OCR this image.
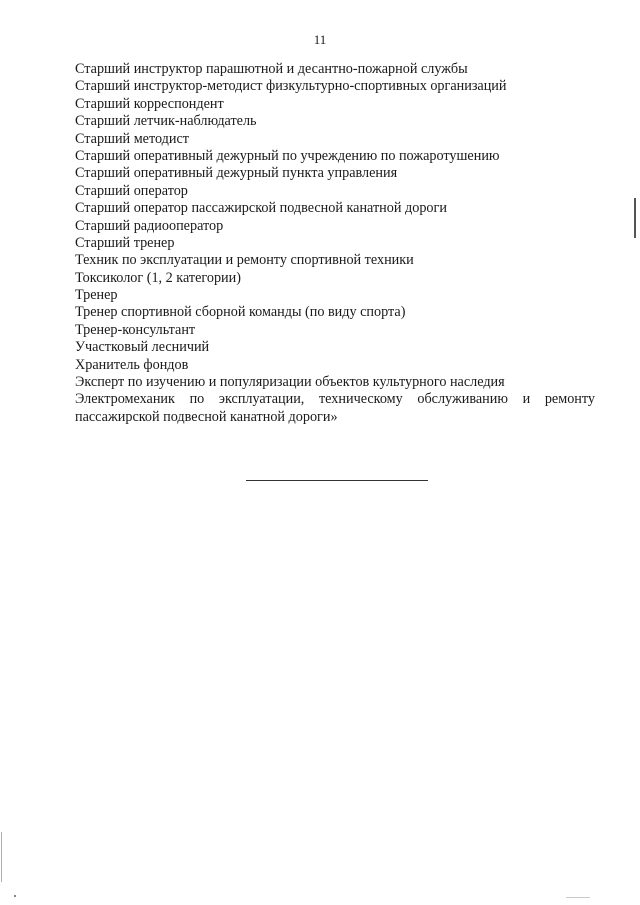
11
Старший инструктор парашютной и десантно-пожарной службы
Старший инструктор-методист физкультурно-спортивных организаций
Старший корреспондент
Старший летчик-наблюдатель
Старший методист
Старший оперативный дежурный по учреждению по пожаротушению
Старший оперативный дежурный пункта управления
Старший оператор
Старший оператор пассажирской подвесной канатной дороги
Старший радиооператор
Старший тренер
Техник по эксплуатации и ремонту спортивной техники
Токсиколог (1, 2 категории)
Тренер
Тренер спортивной сборной команды (по виду спорта)
Тренер-консультант
Участковый лесничий
Хранитель фондов
Эксперт по изучению и популяризации объектов культурного наследия
Электромеханик по эксплуатации, техническому обслуживанию и ремонту пассажирской подвесной канатной дороги»
